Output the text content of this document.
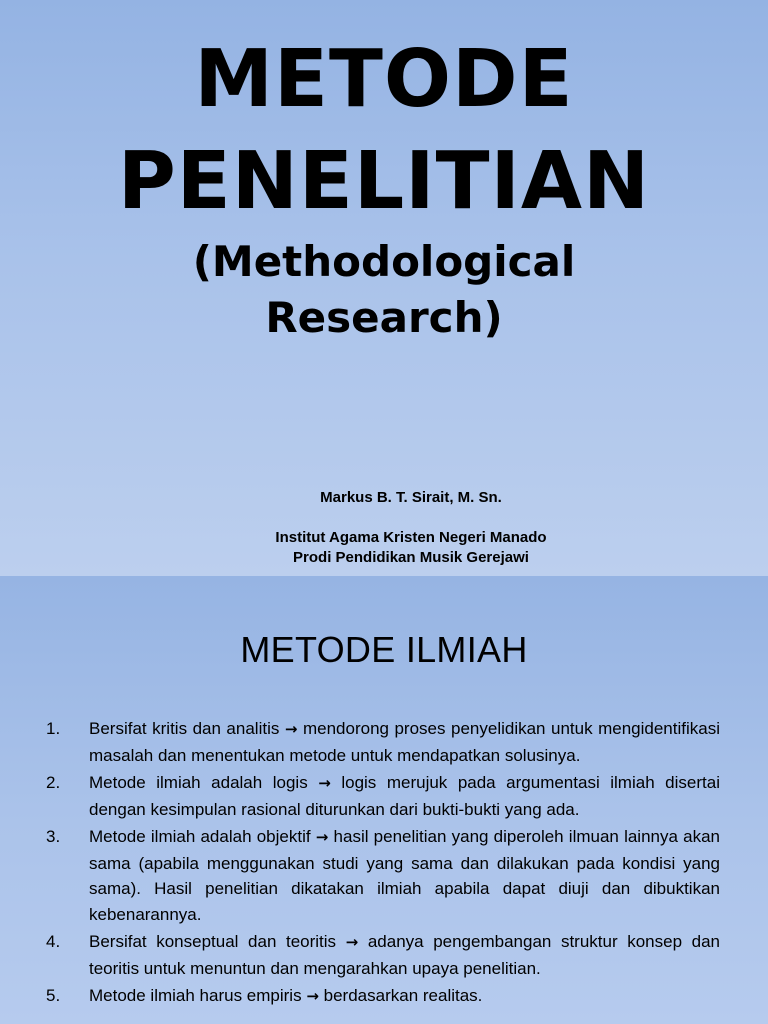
METODE
PENELITIAN
(Methodological
Research)
Markus B. T. Sirait, M. Sn.
Institut Agama Kristen Negeri Manado
Prodi Pendidikan Musik Gerejawi
METODE ILMIAH
1. Bersifat kritis dan analitis → mendorong proses penyelidikan untuk mengidentifikasi masalah dan menentukan metode untuk mendapatkan solusinya.
2. Metode ilmiah adalah logis → logis merujuk pada argumentasi ilmiah disertai dengan kesimpulan rasional diturunkan dari bukti-bukti yang ada.
3. Metode ilmiah adalah objektif → hasil penelitian yang diperoleh ilmuan lainnya akan sama (apabila menggunakan studi yang sama dan dilakukan pada kondisi yang sama). Hasil penelitian dikatakan ilmiah apabila dapat diuji dan dibuktikan kebenarannya.
4. Bersifat konseptual dan teoritis → adanya pengembangan struktur konsep dan teoritis untuk menuntun dan mengarahkan upaya penelitian.
5. Metode ilmiah harus empiris → berdasarkan realitas.
